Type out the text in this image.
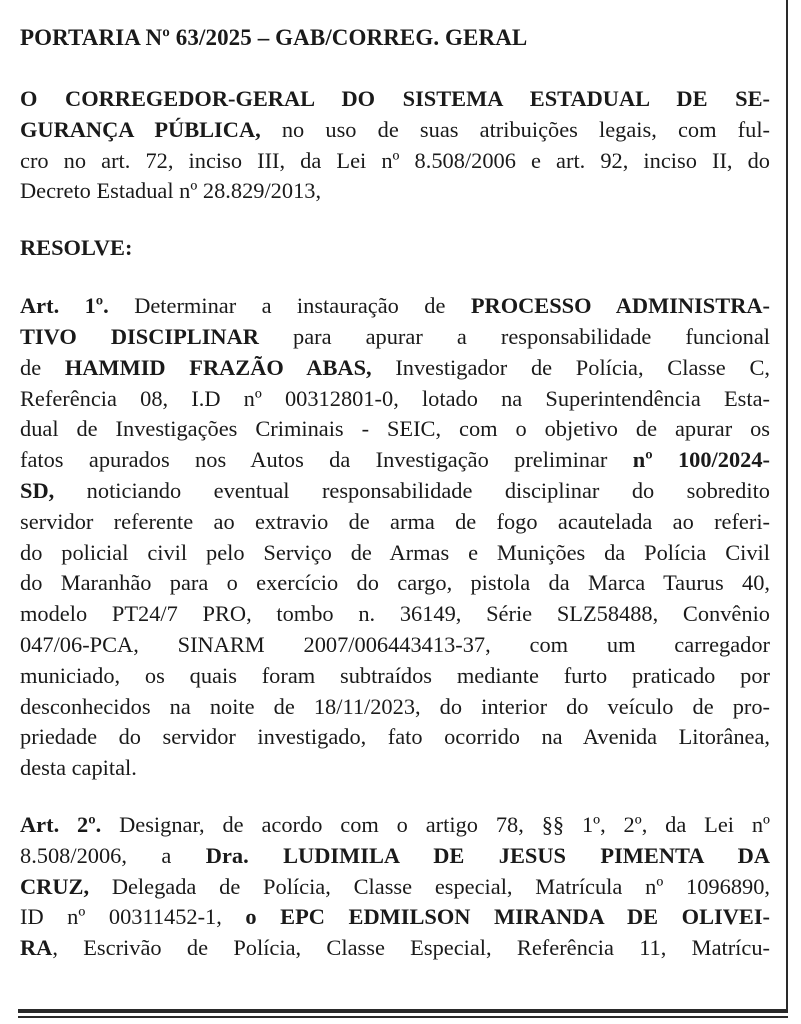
PORTARIA Nº 63/2025 – GAB/CORREG. GERAL
O CORREGEDOR-GERAL DO SISTEMA ESTADUAL DE SE-
GURANÇA PÚBLICA, no uso de suas atribuições legais, com ful-
cro no art. 72, inciso III, da Lei nº 8.508/2006 e art. 92, inciso II, do
Decreto Estadual nº 28.829/2013,
RESOLVE:
Art. 1º. Determinar a instauração de PROCESSO ADMINISTRA-
TIVO DISCIPLINAR para apurar a responsabilidade funcional
de HAMMID FRAZÃO ABAS, Investigador de Polícia, Classe C,
Referência 08, I.D nº 00312801-0, lotado na Superintendência Esta-
dual de Investigações Criminais - SEIC, com o objetivo de apurar os
fatos apurados nos Autos da Investigação preliminar nº 100/2024-
SD, noticiando eventual responsabilidade disciplinar do sobredito
servidor referente ao extravio de arma de fogo acautelada ao referi-
do policial civil pelo Serviço de Armas e Munições da Polícia Civil
do Maranhão para o exercício do cargo, pistola da Marca Taurus 40,
modelo PT24/7 PRO, tombo n. 36149, Série SLZ58488, Convênio
047/06-PCA, SINARM 2007/006443413-37, com um carregador
municiado, os quais foram subtraídos mediante furto praticado por
desconhecidos na noite de 18/11/2023, do interior do veículo de pro-
priedade do servidor investigado, fato ocorrido na Avenida Litorânea,
desta capital.
Art. 2º. Designar, de acordo com o artigo 78, §§ 1º, 2º, da Lei nº
8.508/2006, a Dra. LUDIMILA DE JESUS PIMENTA DA
CRUZ, Delegada de Polícia, Classe especial, Matrícula nº 1096890,
ID nº 00311452-1, o EPC EDMILSON MIRANDA DE OLIVEI-
RA, Escrivão de Polícia, Classe Especial, Referência 11, Matrícu-
